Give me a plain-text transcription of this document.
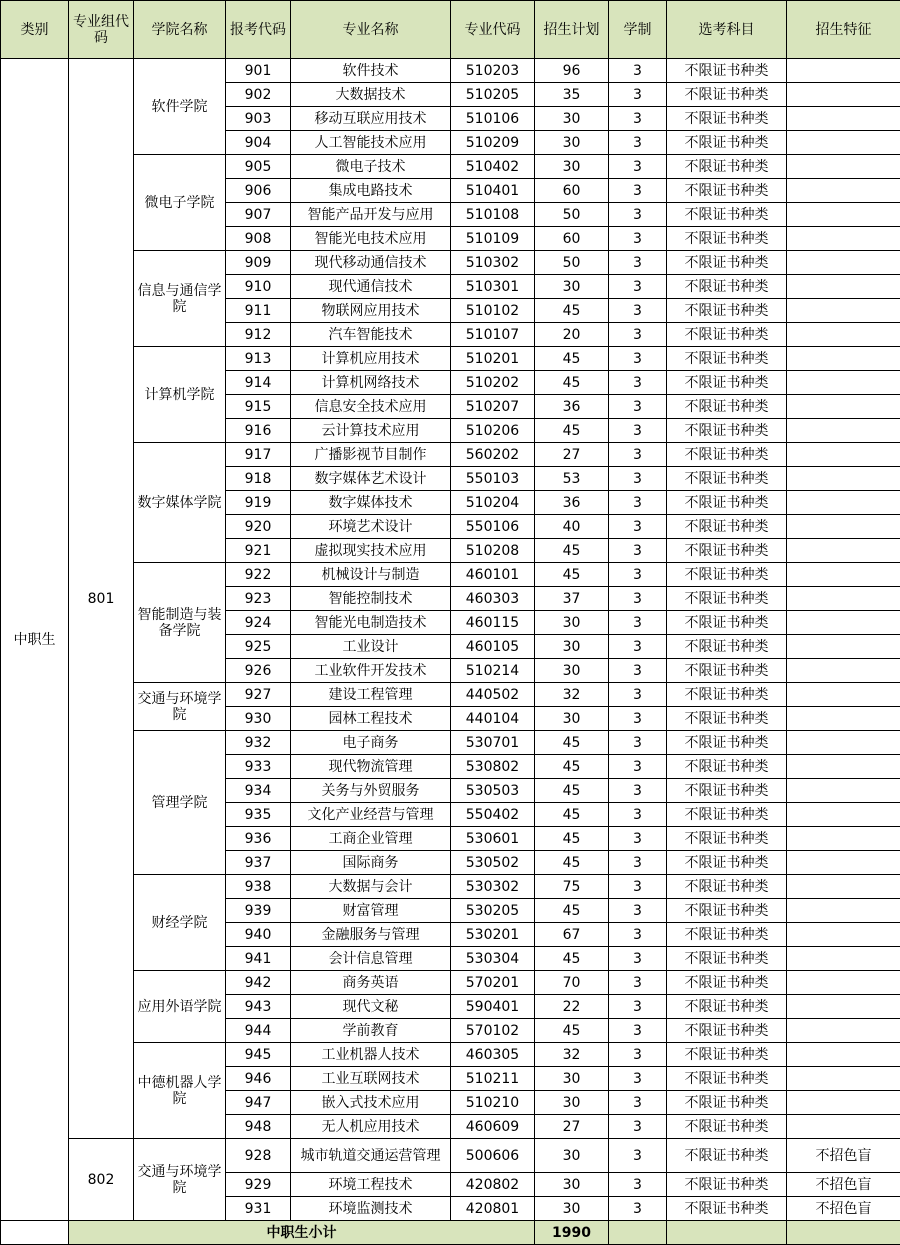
类别	专业组代码	学院名称	报考代码	专业名称	专业代码	招生计划	学制	选考科目	招生特征
中职生	801	软件学院	901	软件技术	510203	96	3	不限证书种类	
			902	大数据技术	510205	35	3	不限证书种类	
			903	移动互联应用技术	510106	30	3	不限证书种类	
			904	人工智能技术应用	510209	30	3	不限证书种类	
		微电子学院	905	微电子技术	510402	30	3	不限证书种类	
			906	集成电路技术	510401	60	3	不限证书种类	
			907	智能产品开发与应用	510108	50	3	不限证书种类	
			908	智能光电技术应用	510109	60	3	不限证书种类	
		信息与通信学院	909	现代移动通信技术	510302	50	3	不限证书种类	
			910	现代通信技术	510301	30	3	不限证书种类	
			911	物联网应用技术	510102	45	3	不限证书种类	
			912	汽车智能技术	510107	20	3	不限证书种类	
		计算机学院	913	计算机应用技术	510201	45	3	不限证书种类	
			914	计算机网络技术	510202	45	3	不限证书种类	
			915	信息安全技术应用	510207	36	3	不限证书种类	
			916	云计算技术应用	510206	45	3	不限证书种类	
		数字媒体学院	917	广播影视节目制作	560202	27	3	不限证书种类	
			918	数字媒体艺术设计	550103	53	3	不限证书种类	
			919	数字媒体技术	510204	36	3	不限证书种类	
			920	环境艺术设计	550106	40	3	不限证书种类	
			921	虚拟现实技术应用	510208	45	3	不限证书种类	
		智能制造与装备学院	922	机械设计与制造	460101	45	3	不限证书种类	
			923	智能控制技术	460303	37	3	不限证书种类	
			924	智能光电制造技术	460115	30	3	不限证书种类	
			925	工业设计	460105	30	3	不限证书种类	
			926	工业软件开发技术	510214	30	3	不限证书种类	
		交通与环境学院	927	建设工程管理	440502	32	3	不限证书种类	
			930	园林工程技术	440104	30	3	不限证书种类	
		管理学院	932	电子商务	530701	45	3	不限证书种类	
			933	现代物流管理	530802	45	3	不限证书种类	
			934	关务与外贸服务	530503	45	3	不限证书种类	
			935	文化产业经营与管理	550402	45	3	不限证书种类	
			936	工商企业管理	530601	45	3	不限证书种类	
			937	国际商务	530502	45	3	不限证书种类	
		财经学院	938	大数据与会计	530302	75	3	不限证书种类	
			939	财富管理	530205	45	3	不限证书种类	
			940	金融服务与管理	530201	67	3	不限证书种类	
			941	会计信息管理	530304	45	3	不限证书种类	
		应用外语学院	942	商务英语	570201	70	3	不限证书种类	
			943	现代文秘	590401	22	3	不限证书种类	
			944	学前教育	570102	45	3	不限证书种类	
		中德机器人学院	945	工业机器人技术	460305	32	3	不限证书种类	
			946	工业互联网技术	510211	30	3	不限证书种类	
			947	嵌入式技术应用	510210	30	3	不限证书种类	
			948	无人机应用技术	460609	27	3	不限证书种类	
	802	交通与环境学院	928	城市轨道交通运营管理	500606	30	3	不限证书种类	不招色盲
			929	环境工程技术	420802	30	3	不限证书种类	不招色盲
			931	环境监测技术	420801	30	3	不限证书种类	不招色盲
	中职生小计					1990			
